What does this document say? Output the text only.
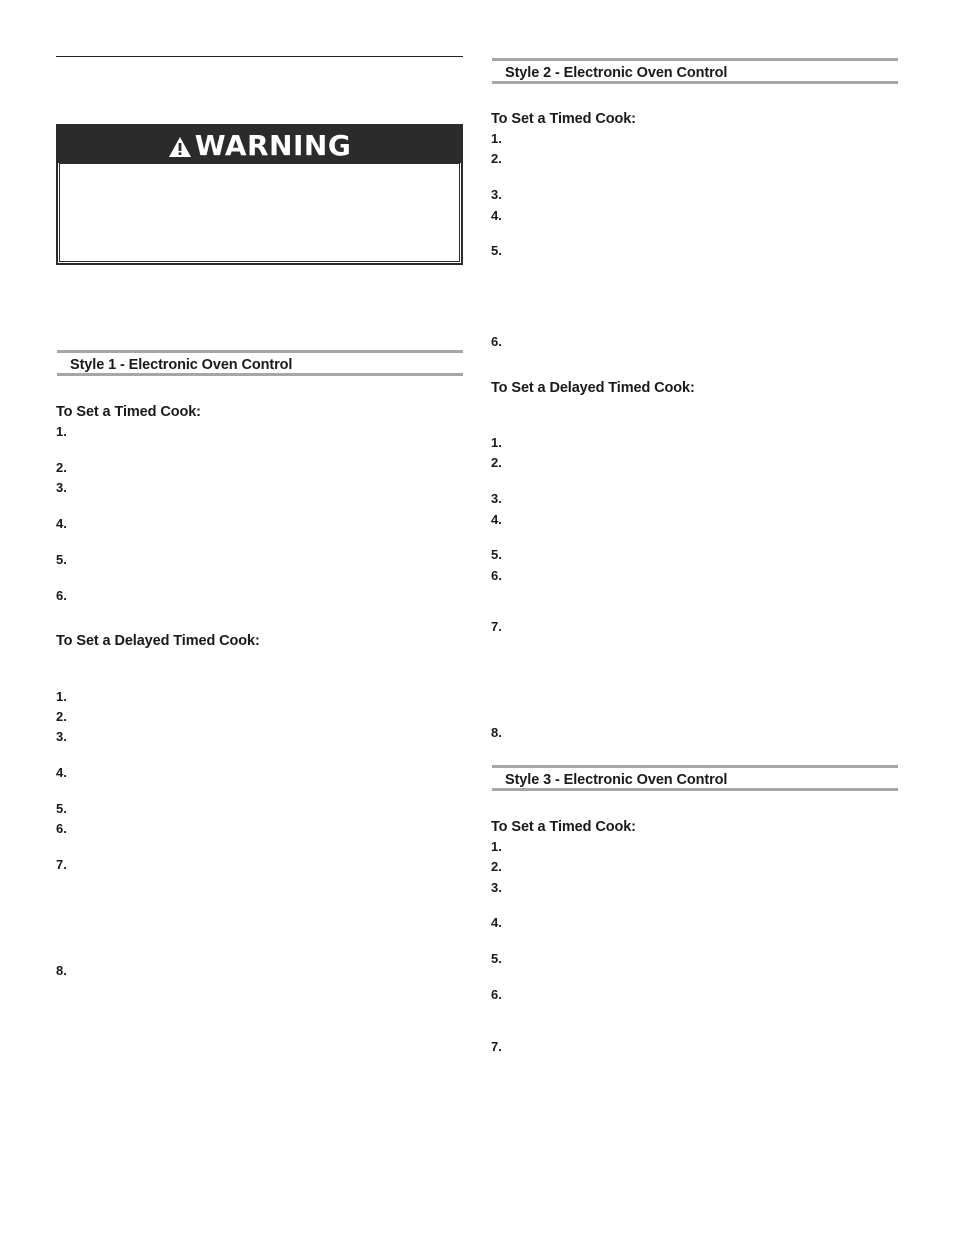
WARNING
Style 1 - Electronic Oven Control
To Set a Timed Cook:
1.
2.
3.
4.
5.
6.
To Set a Delayed Timed Cook:
1.
2.
3.
4.
5.
6.
7.
8.
Style 2 - Electronic Oven Control
To Set a Timed Cook:
1.
2.
3.
4.
5.
6.
To Set a Delayed Timed Cook:
1.
2.
3.
4.
5.
6.
7.
8.
Style 3 - Electronic Oven Control
To Set a Timed Cook:
1.
2.
3.
4.
5.
6.
7.
